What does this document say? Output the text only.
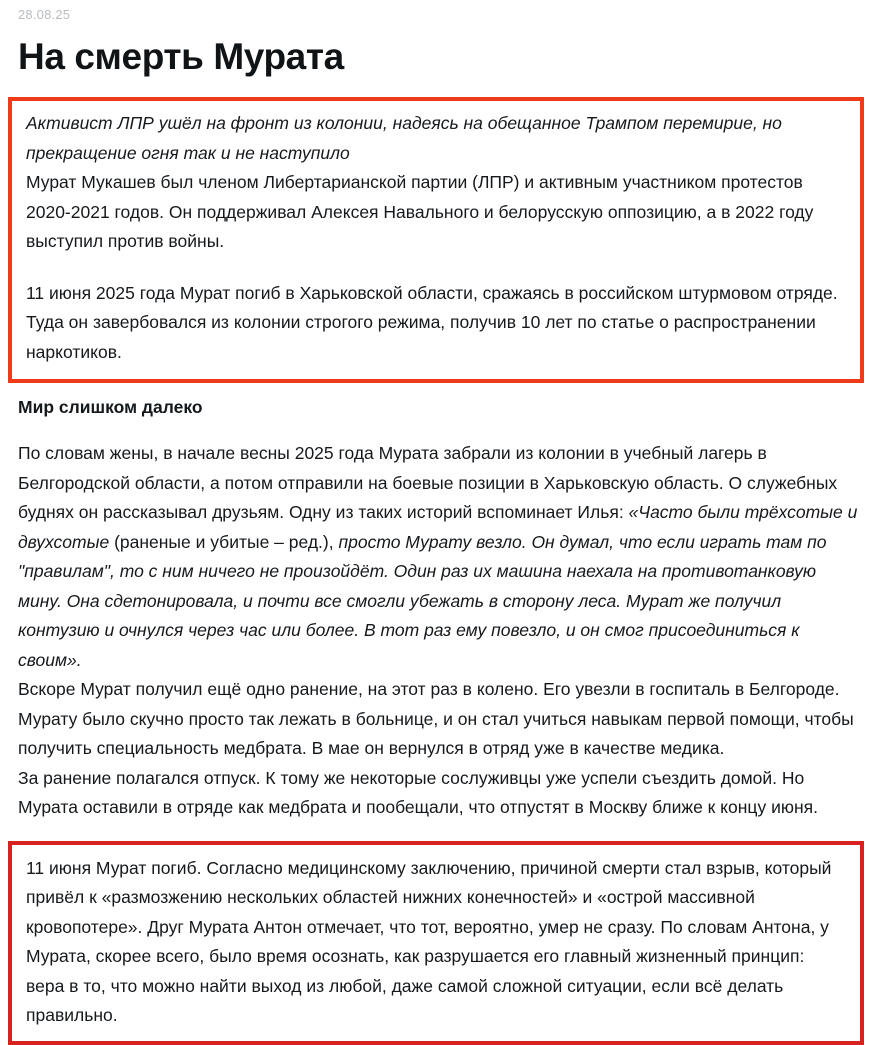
28.08.25
На смерть Мурата

Активист ЛПР ушёл на фронт из колонии, надеясь на обещанное Трампом перемирие, но прекращение огня так и не наступило

Мурат Мукашев был членом Либертарианской партии (ЛПР) и активным участником протестов 2020-2021 годов. Он поддерживал Алексея Навального и белорусскую оппозицию, а в 2022 году выступил против войны.

11 июня 2025 года Мурат погиб в Харьковской области, сражаясь в российском штурмовом отряде. Туда он завербовался из колонии строгого режима, получив 10 лет по статье о распространении наркотиков.

Мир слишком далеко

По словам жены, в начале весны 2025 года Мурата забрали из колонии в учебный лагерь в Белгородской области, а потом отправили на боевые позиции в Харьковскую область. О служебных буднях он рассказывал друзьям. Одну из таких историй вспоминает Илья: «Часто были трёхсотые и двухсотые (раненые и убитые – ред.), просто Мурату везло. Он думал, что если играть там по "правилам", то с ним ничего не произойдёт. Один раз их машина наехала на противотанковую мину. Она сдетонировала, и почти все смогли убежать в сторону леса. Мурат же получил контузию и очнулся через час или более. В тот раз ему повезло, и он смог присоединиться к своим».

Вскоре Мурат получил ещё одно ранение, на этот раз в колено. Его увезли в госпиталь в Белгороде. Мурату было скучно просто так лежать в больнице, и он стал учиться навыкам первой помощи, чтобы получить специальность медбрата. В мае он вернулся в отряд уже в качестве медика.

За ранение полагался отпуск. К тому же некоторые сослуживцы уже успели съездить домой. Но Мурата оставили в отряде как медбрата и пообещали, что отпустят в Москву ближе к концу июня.

11 июня Мурат погиб. Согласно медицинскому заключению, причиной смерти стал взрыв, который привёл к «размозжению нескольких областей нижних конечностей» и «острой массивной кровопотере». Друг Мурата Антон отмечает, что тот, вероятно, умер не сразу. По словам Антона, у Мурата, скорее всего, было время осознать, как разрушается его главный жизненный принцип: вера в то, что можно найти выход из любой, даже самой сложной ситуации, если всё делать правильно.
